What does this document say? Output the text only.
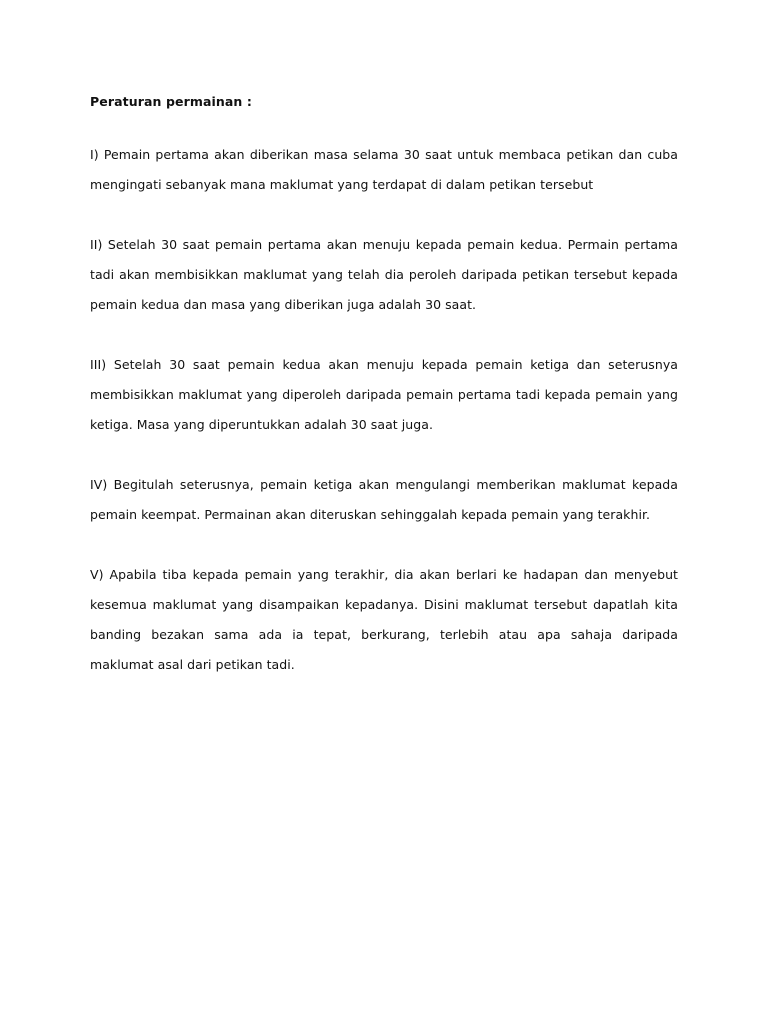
Peraturan permainan :

I) Pemain pertama akan diberikan masa selama 30 saat untuk membaca petikan dan cuba mengingati sebanyak mana maklumat yang terdapat di dalam petikan tersebut

II) Setelah 30 saat pemain pertama akan menuju kepada pemain kedua. Permain pertama tadi akan membisikkan maklumat yang telah dia peroleh daripada petikan tersebut kepada pemain kedua dan masa yang diberikan juga adalah 30 saat.

III) Setelah 30 saat pemain kedua akan menuju kepada pemain ketiga dan seterusnya membisikkan maklumat yang diperoleh daripada pemain pertama tadi kepada pemain yang ketiga. Masa yang diperuntukkan adalah 30 saat juga.

IV) Begitulah seterusnya, pemain ketiga akan mengulangi memberikan maklumat kepada pemain keempat. Permainan akan diteruskan sehinggalah kepada pemain yang terakhir.

V) Apabila tiba kepada pemain yang terakhir, dia akan berlari ke hadapan dan menyebut kesemua maklumat yang disampaikan kepadanya. Disini maklumat tersebut dapatlah kita banding bezakan sama ada ia tepat, berkurang, terlebih atau apa sahaja daripada maklumat asal dari petikan tadi.
